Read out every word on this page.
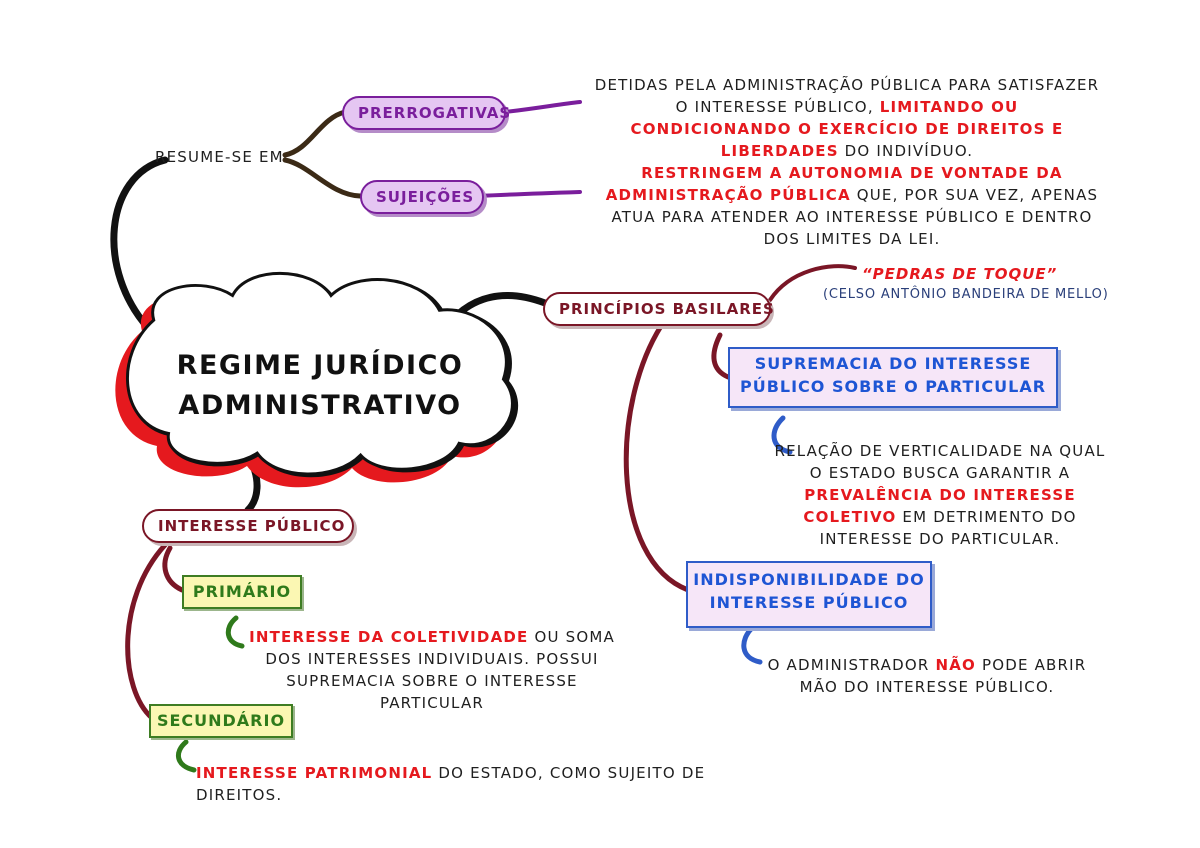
REGIME JURÍDICO ADMINISTRATIVO
RESUME-SE EM
PRERROGATIVAS
DETIDAS PELA ADMINISTRAÇÃO PÚBLICA PARA SATISFAZER O INTERESSE PÚBLICO, LIMITANDO OU CONDICIONANDO O EXERCÍCIO DE DIREITOS E LIBERDADES DO INDIVÍDUO.
SUJEIÇÕES
RESTRINGEM A AUTONOMIA DE VONTADE DA ADMINISTRAÇÃO PÚBLICA QUE, POR SUA VEZ, APENAS ATUA PARA ATENDER AO INTERESSE PÚBLICO E DENTRO DOS LIMITES DA LEI.
PRINCÍPIOS BASILARES
“PEDRAS DE TOQUE”
(CELSO ANTÔNIO BANDEIRA DE MELLO)
SUPREMACIA DO INTERESSE
PÚBLICO SOBRE O PARTICULAR
RELAÇÃO DE VERTICALIDADE NA QUAL O ESTADO BUSCA GARANTIR A PREVALÊNCIA DO INTERESSE COLETIVO EM DETRIMENTO DO INTERESSE DO PARTICULAR.
INDISPONIBILIDADE DO
INTERESSE PÚBLICO
O ADMINISTRADOR NÃO PODE ABRIR MÃO DO INTERESSE PÚBLICO.
INTERESSE PÚBLICO
PRIMÁRIO
INTERESSE DA COLETIVIDADE OU SOMA DOS INTERESSES INDIVIDUAIS. POSSUI SUPREMACIA SOBRE O INTERESSE PARTICULAR
SECUNDÁRIO
INTERESSE PATRIMONIAL DO ESTADO, COMO SUJEITO DE DIREITOS.
